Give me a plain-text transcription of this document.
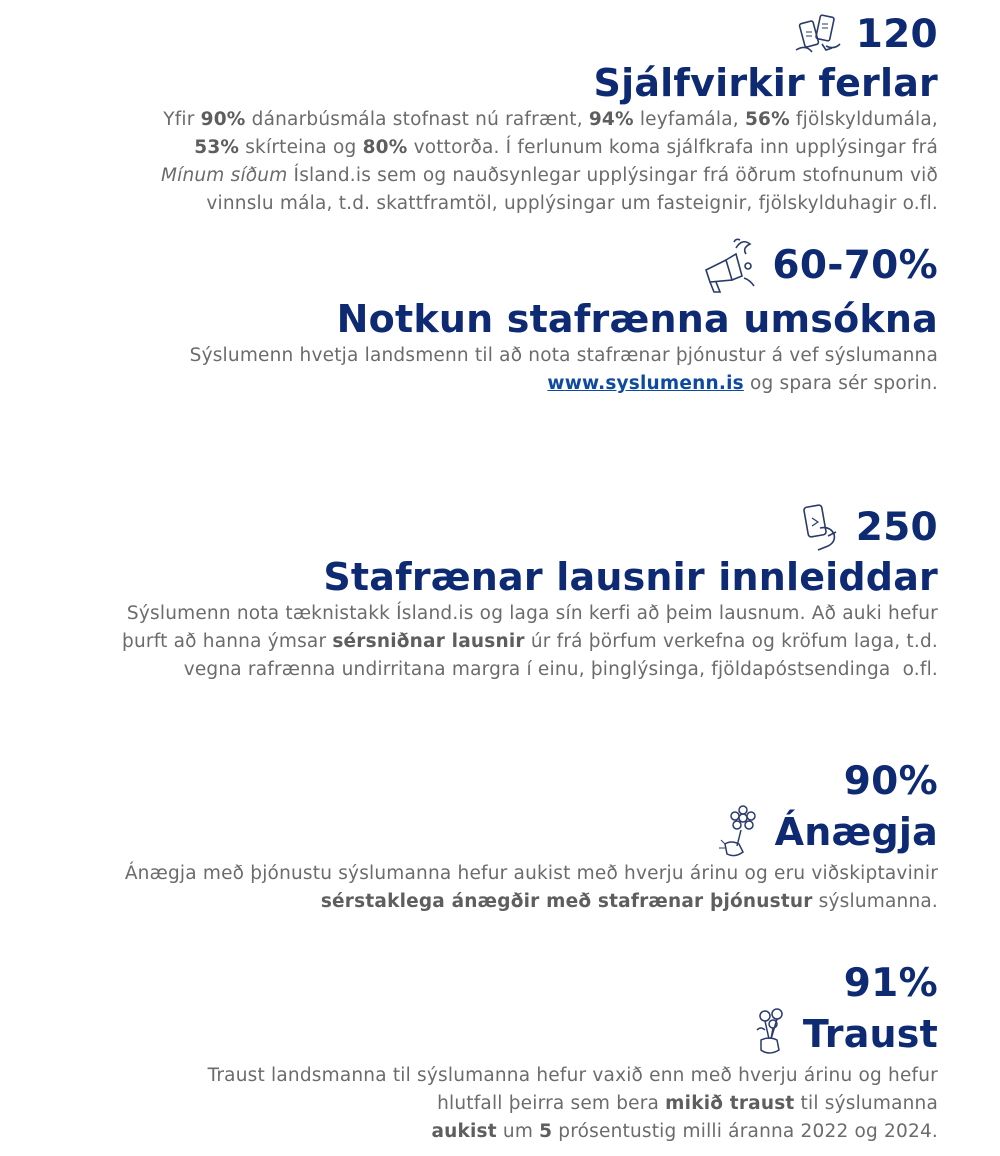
120
Sjálfvirkir ferlar

Yfir 90% dánarbúsmála stofnast nú rafrænt, 94% leyfamála, 56% fjölskyldumála,
53% skírteina og 80% vottorða. Í ferlunum koma sjálfkrafa inn upplýsingar frá
Mínum síðum Ísland.is sem og nauðsynlegar upplýsingar frá öðrum stofnunum við
vinnslu mála, t.d. skattframtöl, upplýsingar um fasteignir, fjölskylduhagir o.fl.

60-70%
Notkun stafrænna umsókna

Sýslumenn hvetja landsmenn til að nota stafrænar þjónustur á vef sýslumanna
www.syslumenn.is og spara sér sporin.

250
Stafrænar lausnir innleiddar

Sýslumenn nota tæknistakk Ísland.is og laga sín kerfi að þeim lausnum. Að auki hefur
þurft að hanna ýmsar sérsniðnar lausnir úr frá þörfum verkefna og kröfum laga, t.d.
vegna rafrænna undirritana margra í einu, þinglýsinga, fjöldapóstsendinga  o.fl.

90%
Ánægja

Ánægja með þjónustu sýslumanna hefur aukist með hverju árinu og eru viðskiptavinir
sérstaklega ánægðir með stafrænar þjónustur sýslumanna.

91%
Traust

Traust landsmanna til sýslumanna hefur vaxið enn með hverju árinu og hefur
hlutfall þeirra sem bera mikið traust til sýslumanna
aukist um 5 prósentustig milli áranna 2022 og 2024.
